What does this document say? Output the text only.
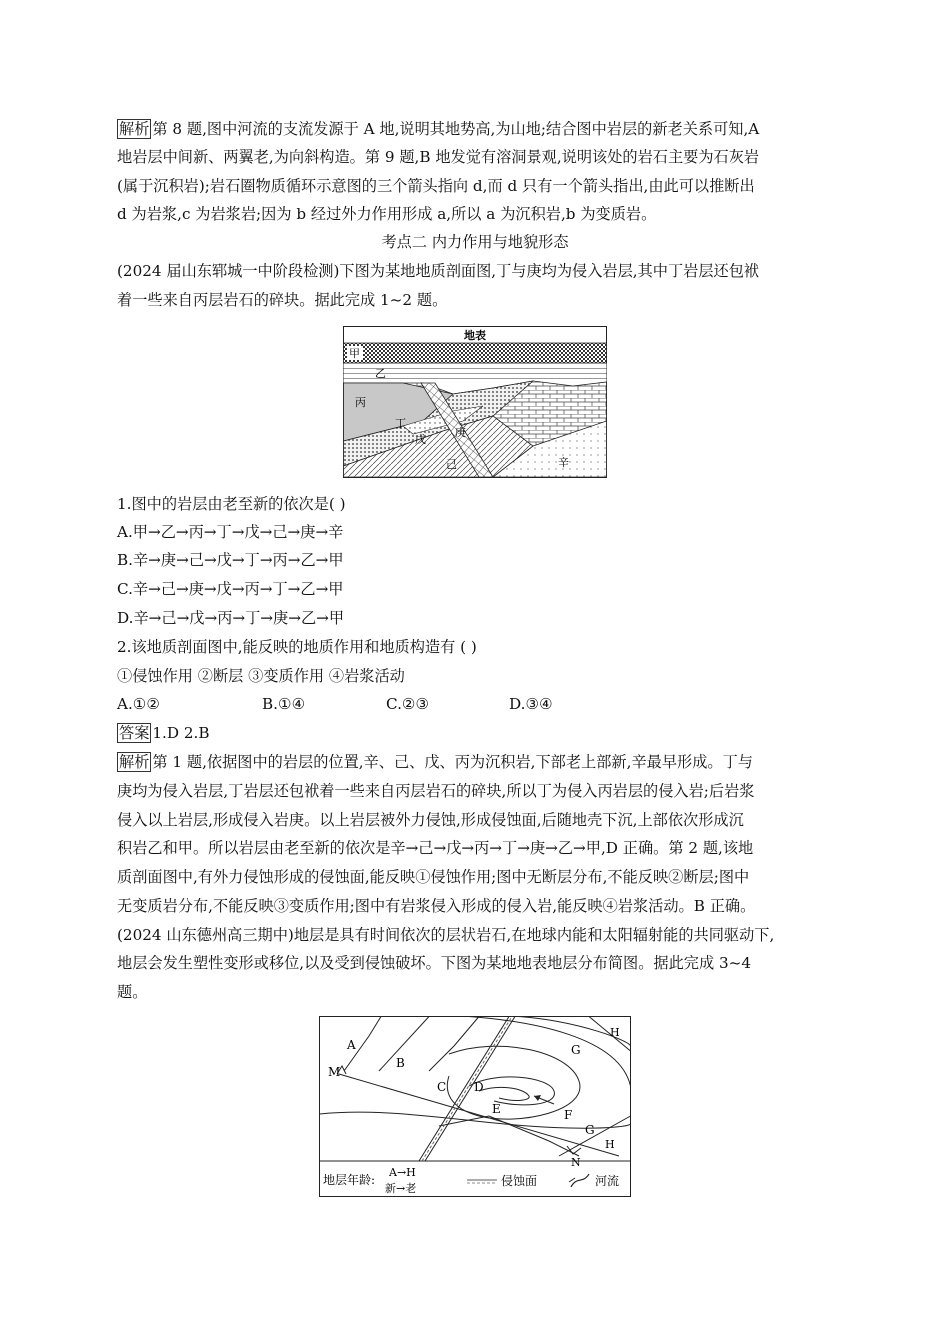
解析 第 8 题,图中河流的支流发源于 A 地,说明其地势高,为山地;结合图中岩层的新老关系可知,A
地岩层中间新、两翼老,为向斜构造。第 9 题,B 地发觉有溶洞景观,说明该处的岩石主要为石灰岩
(属于沉积岩);岩石圈物质循环示意图的三个箭头指向 d,而 d 只有一个箭头指出,由此可以推断出
d 为岩浆,c 为岩浆岩;因为 b 经过外力作用形成 a,所以 a 为沉积岩,b 为变质岩。
考点二 内力作用与地貌形态
(2024 届山东郓城一中阶段检测)下图为某地地质剖面图,丁与庚均为侵入岩层,其中丁岩层还包袱
着一些来自丙层岩石的碎块。据此完成 1~2 题。
地表
甲
乙
丙
丁
戊
庚
己	辛
1.图中的岩层由老至新的依次是( )
A.甲→乙→丙→丁→戊→己→庚→辛
B.辛→庚→己→戊→丁→丙→乙→甲
C.辛→己→庚→戊→丙→丁→乙→甲
D.辛→己→戊→丙→丁→庚→乙→甲
2.该地质剖面图中,能反映的地质作用和地质构造有 ( )
①侵蚀作用 ②断层 ③变质作用 ④岩浆活动
A.①②	B.①④	C.②③	D.③④
答案 1.D 2.B
解析 第 1 题,依据图中的岩层的位置,辛、己、戊、丙为沉积岩,下部老上部新,辛最早形成。丁与
庚均为侵入岩层,丁岩层还包袱着一些来自丙层岩石的碎块,所以丁为侵入丙岩层的侵入岩;后岩浆
侵入以上岩层,形成侵入岩庚。以上岩层被外力侵蚀,形成侵蚀面,后随地壳下沉,上部依次形成沉
积岩乙和甲。所以岩层由老至新的依次是辛→己→戊→丙→丁→庚→乙→甲,D 正确。第 2 题,该地
质剖面图中,有外力侵蚀形成的侵蚀面,能反映①侵蚀作用;图中无断层分布,不能反映②断层;图中
无变质岩分布,不能反映③变质作用;图中有岩浆侵入形成的侵入岩,能反映④岩浆活动。B 正确。
(2024 山东德州高三期中)地层是具有时间依次的层状岩石,在地球内能和太阳辐射能的共同驱动下,
地层会发生塑性变形或移位,以及受到侵蚀破坏。下图为某地地表地层分布简图。据此完成 3~4
题。
A
B
C D
E	F
G
G
H
H
M
N
地层年龄:
A→H
新→老
侵蚀面	河流
